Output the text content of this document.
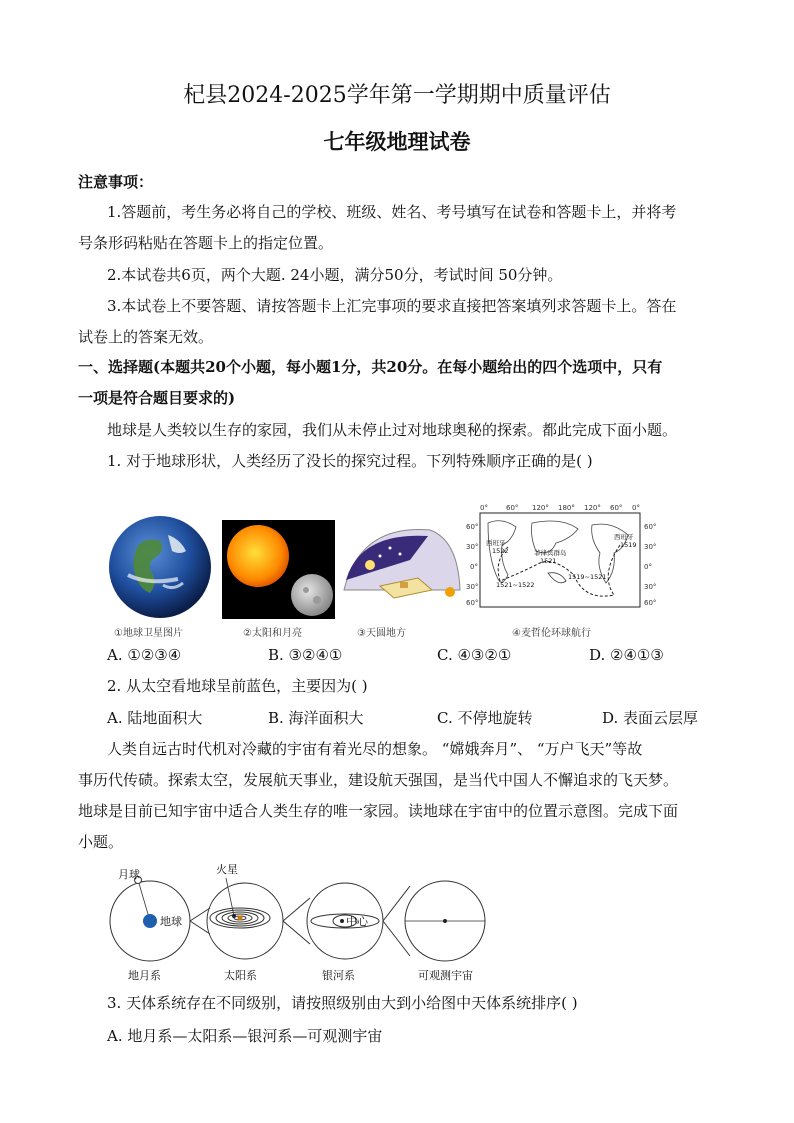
杞县2024-2025学年第一学期期中质量评估
七年级地理试卷
注意事项：
1.答题前，考生务必将自己的学校、班级、姓名、考号填写在试卷和答题卡上，并将考
号条形码粘贴在答题卡上的指定位置。
2.本试卷共6页，两个大题. 24小题，满分50分，考试时间 50分钟。
3.本试卷上不要答题、请按答题卡上汇完事项的要求直接把答案填列求答题卡上。答在
试卷上的答案无效。
一、选择题(本题共20个小题，每小题1分，共20分。在每小题给出的四个选项中，只有
一项是符合题目要求的)
地球是人类较以生存的家园，我们从未停止过对地球奥秘的探索。都此完成下面小题。
1. 对于地球形状，人类经历了没长的探究过程。下列特殊顺序正确的是( )
0°	60° 120° 180° 120° 60° 0°
60°
30°
0°
30°
60°
60°
30°
0°
30°
60°
西班牙
1522	菲律宾群岛
西班牙
1519
1519~1521
1521~1522
1521
①地球卫星图片	②太阳和月亮	③天圆地方	④麦哲伦环球航行
A. ①②③④	B. ③②④①	C. ④③②①	D. ②④①③
2. 从太空看地球呈前蓝色，主要因为( )
A. 陆地面积大	B. 海洋面积大	C. 不停地旋转	D. 表面云层厚
人类自远古时代机对冷藏的宇宙有着光尽的想象。 “嫦娥奔月”、 “万户飞天”等故
事历代传碛。探索太空，发展航天事业，建设航天强国，是当代中国人不懈追求的飞天梦。
地球是目前已知宇宙中适合人类生存的唯一家园。读地球在宇宙中的位置示意图。完成下面
小题。
月球
地球
火星
中心
地月系	太阳系	银河系	可观测宇宙
3. 天体系统存在不同级别，请按照级别由大到小给图中天体系统排序( )
A. 地月系—太阳系—银河系—可观测宇宙
